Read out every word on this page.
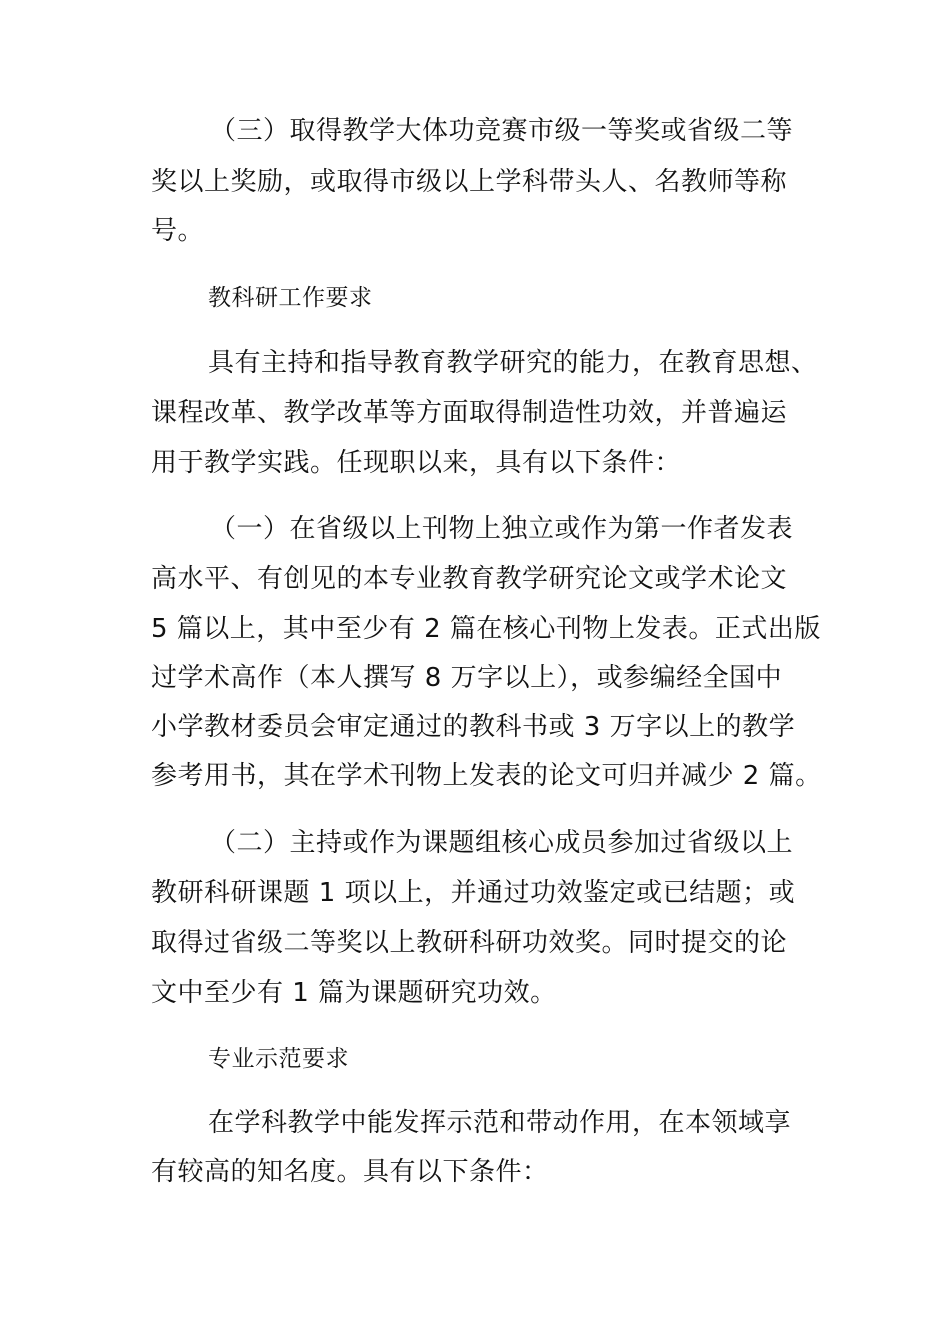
（三）取得教学大体功竞赛市级一等奖或省级二等
奖以上奖励，或取得市级以上学科带头人、名教师等称
号。
教科研工作要求
具有主持和指导教育教学研究的能力，在教育思想、
课程改革、教学改革等方面取得制造性功效，并普遍运
用于教学实践。任现职以来，具有以下条件：
（一）在省级以上刊物上独立或作为第一作者发表
高水平、有创见的本专业教育教学研究论文或学术论文
5 篇以上，其中至少有 2 篇在核心刊物上发表。正式出版
过学术高作（本人撰写 8 万字以上），或参编经全国中
小学教材委员会审定通过的教科书或 3 万字以上的教学
参考用书，其在学术刊物上发表的论文可归并减少 2 篇。
（二）主持或作为课题组核心成员参加过省级以上
教研科研课题 1 项以上，并通过功效鉴定或已结题；或
取得过省级二等奖以上教研科研功效奖。同时提交的论
文中至少有 1 篇为课题研究功效。
专业示范要求
在学科教学中能发挥示范和带动作用，在本领域享
有较高的知名度。具有以下条件：
